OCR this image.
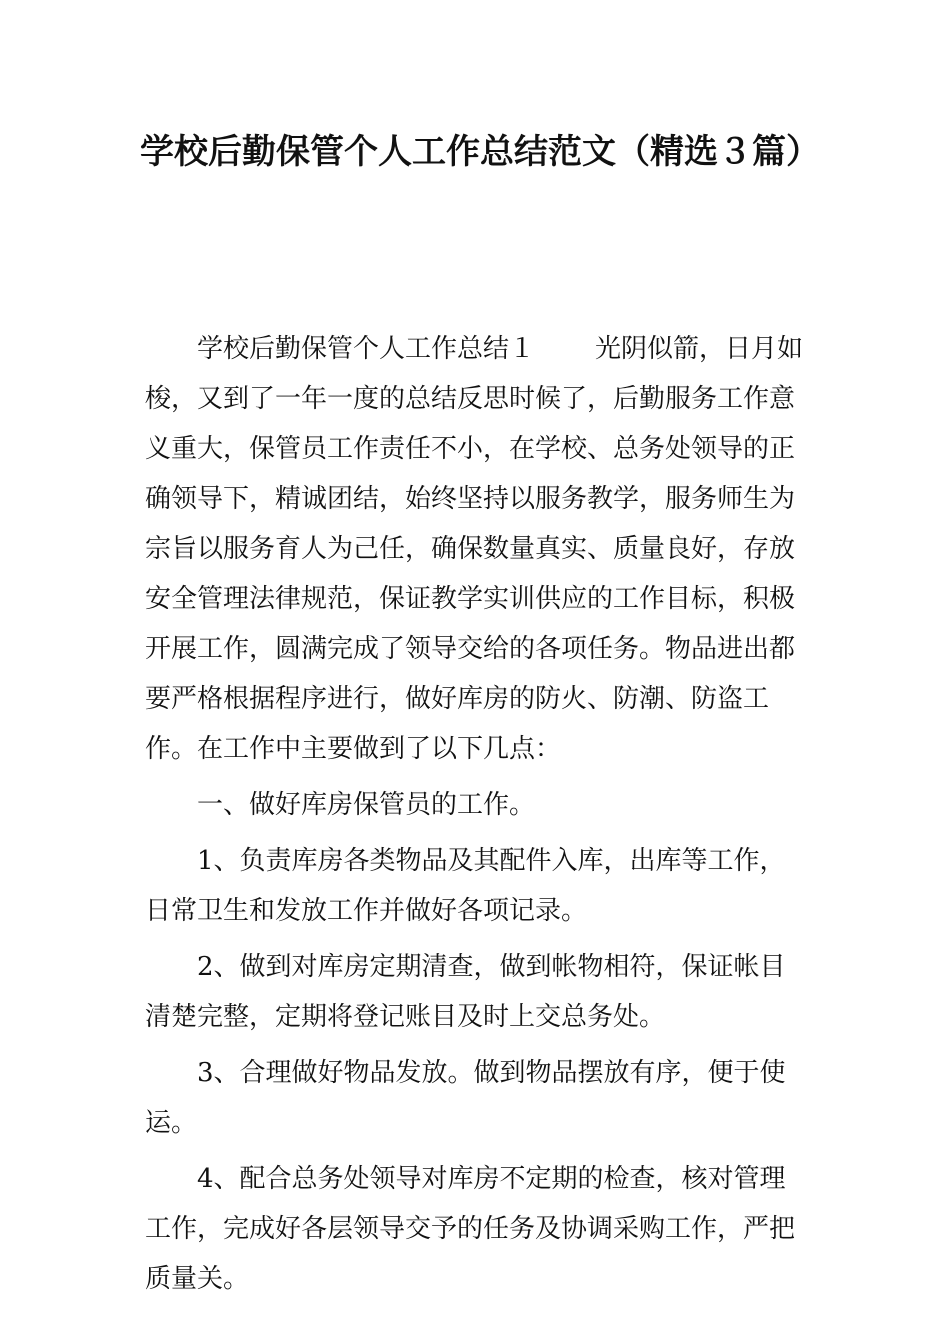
学校后勤保管个人工作总结范文（精选３篇）

学校后勤保管个人工作总结１ 光阴似箭，日月如梭，又到了一年一度的总结反思时候了，后勤服务工作意义重大，保管员工作责任不小，在学校、总务处领导的正确领导下，精诚团结，始终坚持以服务教学，服务师生为宗旨以服务育人为己任，确保数量真实、质量良好，存放安全管理法律规范，保证教学实训供应的工作目标，积极开展工作，圆满完成了领导交给的各项任务。物品进出都要严格根据程序进行，做好库房的防火、防潮、防盗工作。在工作中主要做到了以下几点：

一、做好库房保管员的工作。

1、负责库房各类物品及其配件入库，出库等工作，日常卫生和发放工作并做好各项记录。

2、做到对库房定期清查，做到帐物相符，保证帐目清楚完整，定期将登记账目及时上交总务处。

3、合理做好物品发放。做到物品摆放有序，便于使运。

4、配合总务处领导对库房不定期的检查，核对管理工作，完成好各层领导交予的任务及协调采购工作，严把质量关。
